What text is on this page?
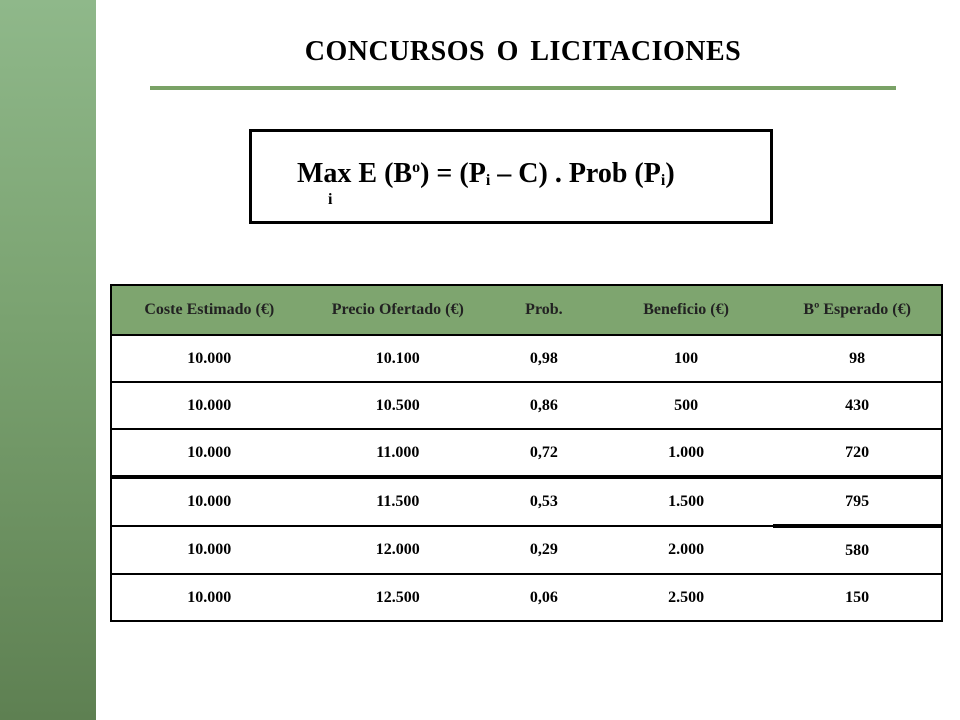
CONCURSOS O LICITACIONES
Max E $(B^o) = (P_i - C)$ . Prob $(P_i)$
i
Coste Estimado (€)	Precio Ofertado (€)	Prob.	Beneficio (€)	Bº Esperado (€)
10.000	10.100	0,98	100	98
10.000	10.500	0,86	500	430
10.000	11.000	0,72	1.000	720
10.000	11.500	0,53	1.500	795
10.000	12.000	0,29	2.000	580
10.000	12.500	0,06	2.500	150
